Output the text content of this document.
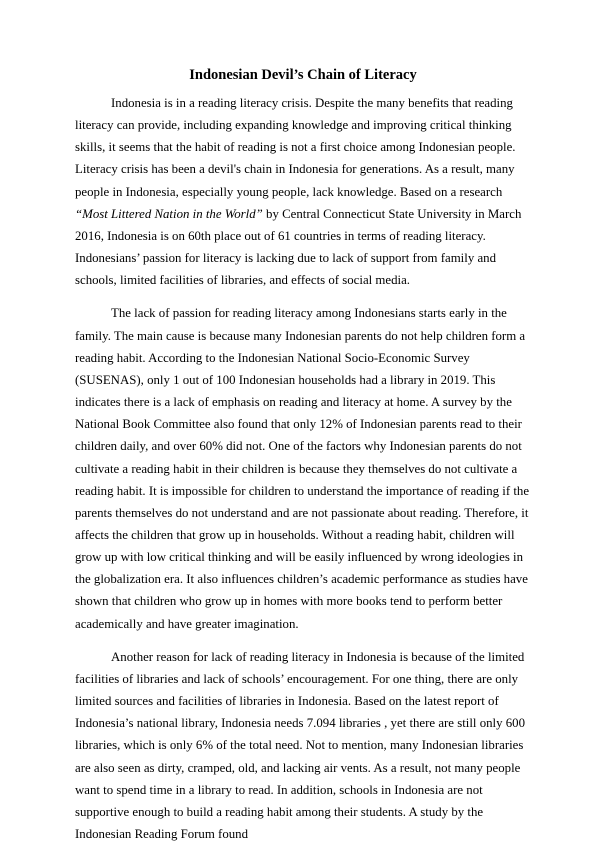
Indonesian Devil’s Chain of Literacy

Indonesia is in a reading literacy crisis. Despite the many benefits that reading literacy can provide, including expanding knowledge and improving critical thinking skills, it seems that the habit of reading is not a first choice among Indonesian people. Literacy crisis has been a devil's chain in Indonesia for generations. As a result, many people in Indonesia, especially young people, lack knowledge. Based on a research “Most Littered Nation in the World” by Central Connecticut State University in March 2016, Indonesia is on 60th place out of 61 countries in terms of reading literacy. Indonesians’ passion for literacy is lacking due to lack of support from family and schools, limited facilities of libraries, and effects of social media.

The lack of passion for reading literacy among Indonesians starts early in the family. The main cause is because many Indonesian parents do not help children form a reading habit. According to the Indonesian National Socio-Economic Survey (SUSENAS), only 1 out of 100 Indonesian households had a library in 2019. This indicates there is a lack of emphasis on reading and literacy at home. A survey by the National Book Committee also found that only 12% of Indonesian parents read to their children daily, and over 60% did not. One of the factors why Indonesian parents do not cultivate a reading habit in their children is because they themselves do not cultivate a reading habit. It is impossible for children to understand the importance of reading if the parents themselves do not understand and are not passionate about reading. Therefore, it affects the children that grow up in households. Without a reading habit, children will grow up with low critical thinking and will be easily influenced by wrong ideologies in the globalization era. It also influences children’s academic performance as studies have shown that children who grow up in homes with more books tend to perform better academically and have greater imagination.

Another reason for lack of reading literacy in Indonesia is because of the limited facilities of libraries and lack of schools’ encouragement. For one thing, there are only limited sources and facilities of libraries in Indonesia. Based on the latest report of Indonesia’s national library, Indonesia needs 7.094 libraries , yet there are still only 600 libraries, which is only 6% of the total need. Not to mention, many Indonesian libraries are also seen as dirty, cramped, old, and lacking air vents. As a result, not many people want to spend time in a library to read. In addition, schools in Indonesia are not supportive enough to build a reading habit among their students. A study by the Indonesian Reading Forum found
